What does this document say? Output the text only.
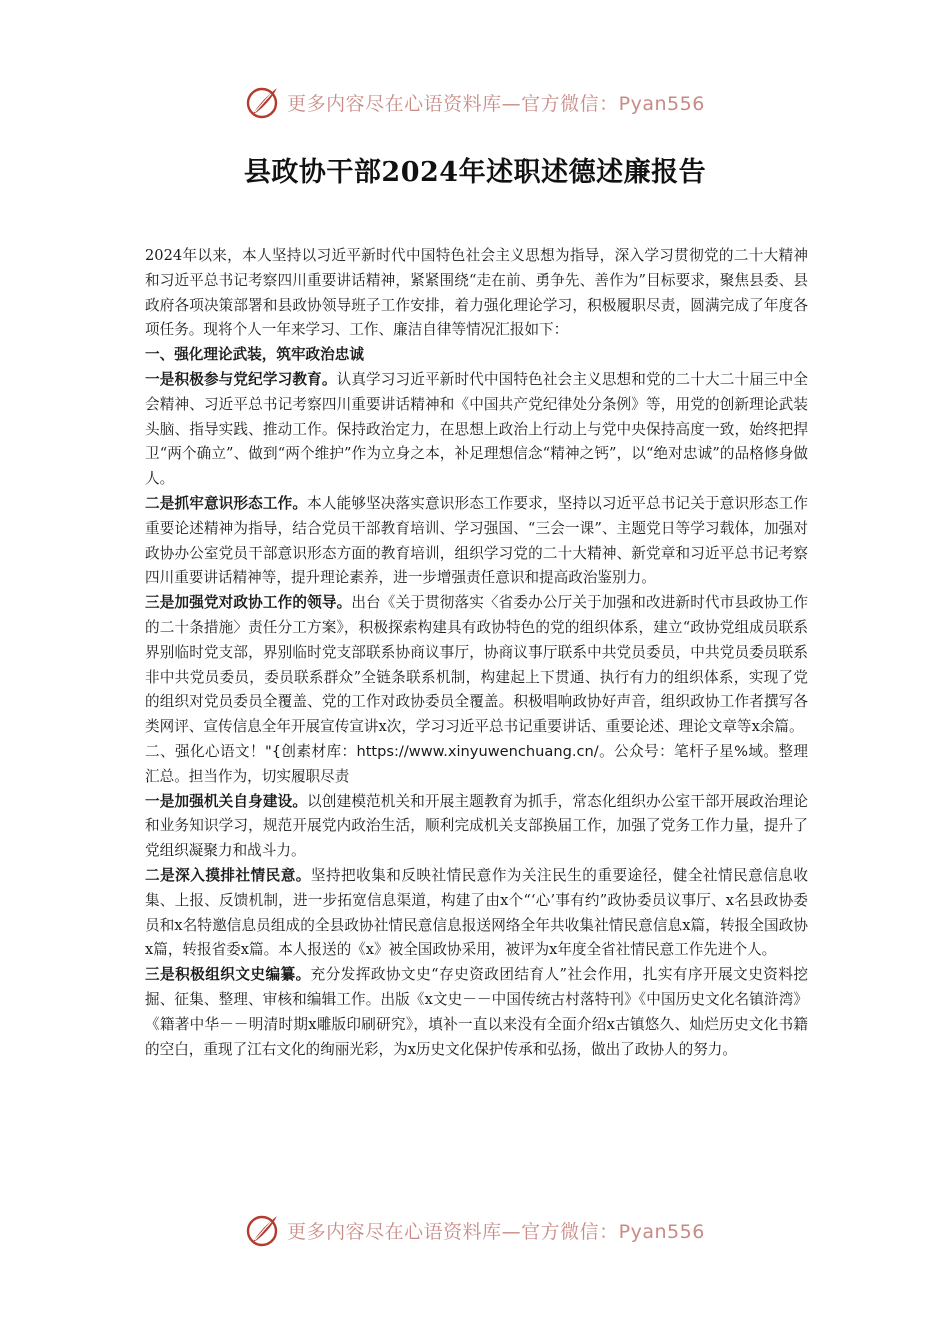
更多内容尽在心语资料库—官方微信：Pyan556
县政协干部2024年述职述德述廉报告

2024年以来，本人坚持以习近平新时代中国特色社会主义思想为指导，深入学习贯彻党的二十大精神和习近平总书记考察四川重要讲话精神，紧紧围绕“走在前、勇争先、善作为”目标要求，聚焦县委、县政府各项决策部署和县政协领导班子工作安排，着力强化理论学习，积极履职尽责，圆满完成了年度各项任务。现将个人一年来学习、工作、廉洁自律等情况汇报如下：

一、强化理论武装，筑牢政治忠诚

一是积极参与党纪学习教育。认真学习习近平新时代中国特色社会主义思想和党的二十大二十届三中全会精神、习近平总书记考察四川重要讲话精神和《中国共产党纪律处分条例》等，用党的创新理论武装头脑、指导实践、推动工作。保持政治定力，在思想上政治上行动上与党中央保持高度一致，始终把捍卫“两个确立”、做到“两个维护”作为立身之本，补足理想信念“精神之钙”，以“绝对忠诚”的品格修身做人。

二是抓牢意识形态工作。本人能够坚决落实意识形态工作要求，坚持以习近平总书记关于意识形态工作重要论述精神为指导，结合党员干部教育培训、学习强国、“三会一课”、主题党日等学习载体，加强对政协办公室党员干部意识形态方面的教育培训，组织学习党的二十大精神、新党章和习近平总书记考察四川重要讲话精神等，提升理论素养，进一步增强责任意识和提高政治鉴别力。

三是加强党对政协工作的领导。出台《关于贯彻落实〈省委办公厅关于加强和改进新时代市县政协工作的二十条措施〉责任分工方案》，积极探索构建具有政协特色的党的组织体系，建立“政协党组成员联系界别临时党支部，界别临时党支部联系协商议事厅，协商议事厅联系中共党员委员，中共党员委员联系非中共党员委员，委员联系群众”全链条联系机制，构建起上下贯通、执行有力的组织体系，实现了党的组织对党员委员全覆盖、党的工作对政协委员全覆盖。积极唱响政协好声音，组织政协工作者撰写各类网评、宣传信息全年开展宣传宣讲x次，学习习近平总书记重要讲话、重要论述、理论文章等x余篇。

二、强化心语文！"{创素材库：https://www.xinyuwenchuang.cn/。公众号：笔杆子星%域。整理汇总。担当作为，切实履职尽责

一是加强机关自身建设。以创建模范机关和开展主题教育为抓手，常态化组织办公室干部开展政治理论和业务知识学习，规范开展党内政治生活，顺利完成机关支部换届工作，加强了党务工作力量，提升了党组织凝聚力和战斗力。

二是深入摸排社情民意。坚持把收集和反映社情民意作为关注民生的重要途径，健全社情民意信息收集、上报、反馈机制，进一步拓宽信息渠道，构建了由x个“‘心’事有约”政协委员议事厅、x名县政协委员和x名特邀信息员组成的全县政协社情民意信息报送网络全年共收集社情民意信息x篇，转报全国政协x篇，转报省委x篇。本人报送的《x》被全国政协采用，被评为x年度全省社情民意工作先进个人。

三是积极组织文史编纂。充分发挥政协文史“存史资政团结育人”社会作用，扎实有序开展文史资料挖掘、征集、整理、审核和编辑工作。出版《x文史－－中国传统古村落特刊》《中国历史文化名镇浒湾》《籍著中华－－明清时期x雕版印刷研究》，填补一直以来没有全面介绍x古镇悠久、灿烂历史文化书籍的空白，重现了江右文化的绚丽光彩，为x历史文化保护传承和弘扬，做出了政协人的努力。

更多内容尽在心语资料库—官方微信：Pyan556
